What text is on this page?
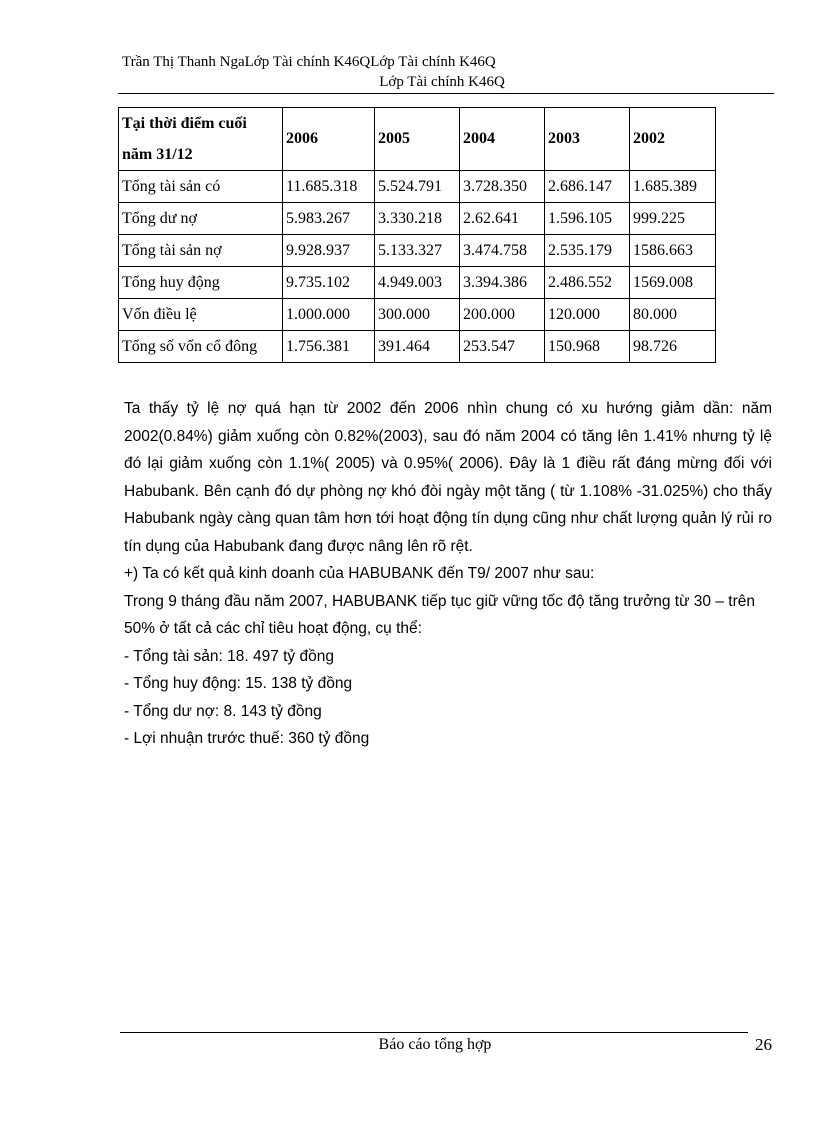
Trần Thị Thanh NgaLớp Tài chính K46QLớp Tài chính K46Q
Lớp Tài chính K46Q
Tại thời điểm cuối năm 31/12	2006	2005	2004	2003	2002
Tổng tài sản có	11.685.318	5.524.791	3.728.350	2.686.147	1.685.389
Tổng dư nợ	5.983.267	3.330.218	2.62.641	1.596.105	999.225
Tổng tài sản nợ	9.928.937	5.133.327	3.474.758	2.535.179	1586.663
Tổng huy động	9.735.102	4.949.003	3.394.386	2.486.552	1569.008
Vốn điều lệ	1.000.000	300.000	200.000	120.000	80.000
Tổng số vốn cổ đông	1.756.381	391.464	253.547	150.968	98.726

Ta thấy tỷ lệ nợ quá hạn từ 2002 đến 2006 nhìn chung có xu hướng giảm dần: năm 2002(0.84%) giảm xuống còn 0.82%(2003), sau đó năm 2004 có tăng lên 1.41% nhưng tỷ lệ đó lại giảm xuống còn 1.1%( 2005) và 0.95%( 2006). Đây là 1 điều rất đáng mừng đối với Habubank. Bên cạnh đó dự phòng nợ khó đòi ngày một tăng ( từ 1.108% -31.025%) cho thấy Habubank ngày càng quan tâm hơn tới hoạt động tín dụng cũng như chất lượng quản lý rủi ro tín dụng của Habubank đang được nâng lên rõ rệt.

+) Ta có kết quả kinh doanh của HABUBANK đến T9/ 2007 như sau:

Trong 9 tháng đầu năm 2007, HABUBANK tiếp tục giữ vững tốc độ tăng trưởng từ 30 – trên 50% ở tất cả các chỉ tiêu hoạt động, cụ thể:

- Tổng tài sản: 18. 497 tỷ đồng

- Tổng huy động: 15. 138 tỷ đồng

- Tổng dư nợ: 8. 143 tỷ đồng

- Lợi nhuận trước thuế: 360 tỷ đồng

Báo cáo tổng hợp	26
